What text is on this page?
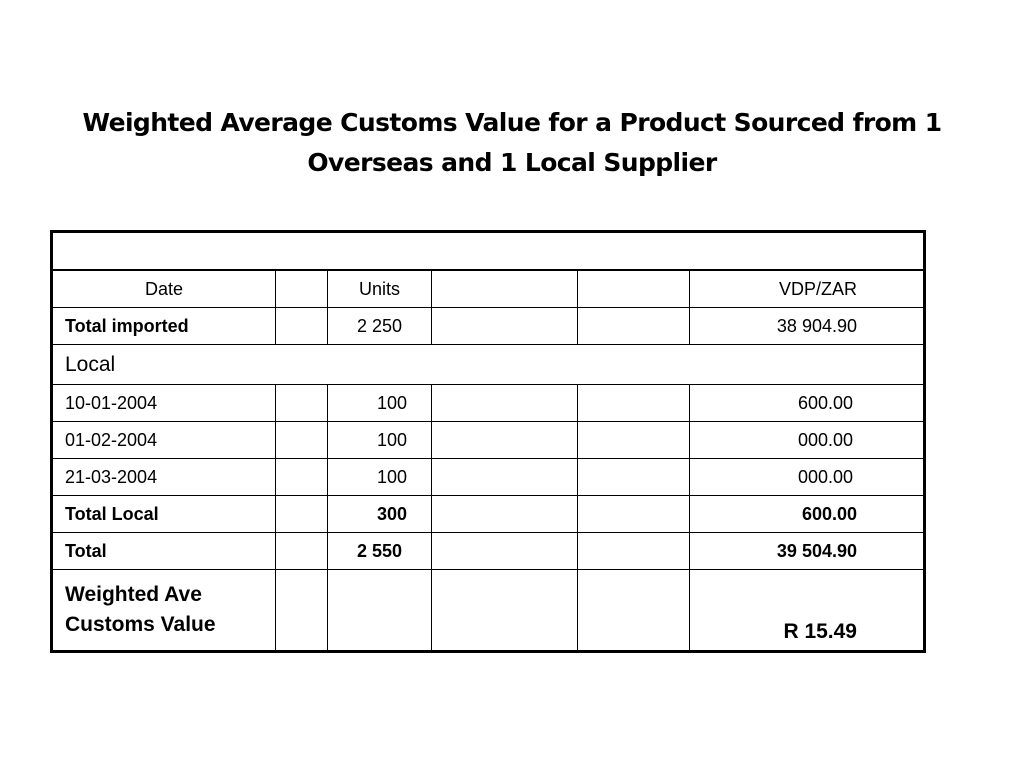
Weighted Average Customs Value for a Product Sourced from 1
Overseas and 1 Local Supplier

Date		Units			VDP/ZAR
Total imported		2 250			38 904.90
Local					
10-01-2004		100			600.00
01-02-2004		100			000.00
21-03-2004		100			000.00
Total Local		300			600.00
Total		2 550			39 504.90
Weighted Ave
Customs Value					R 15.49
